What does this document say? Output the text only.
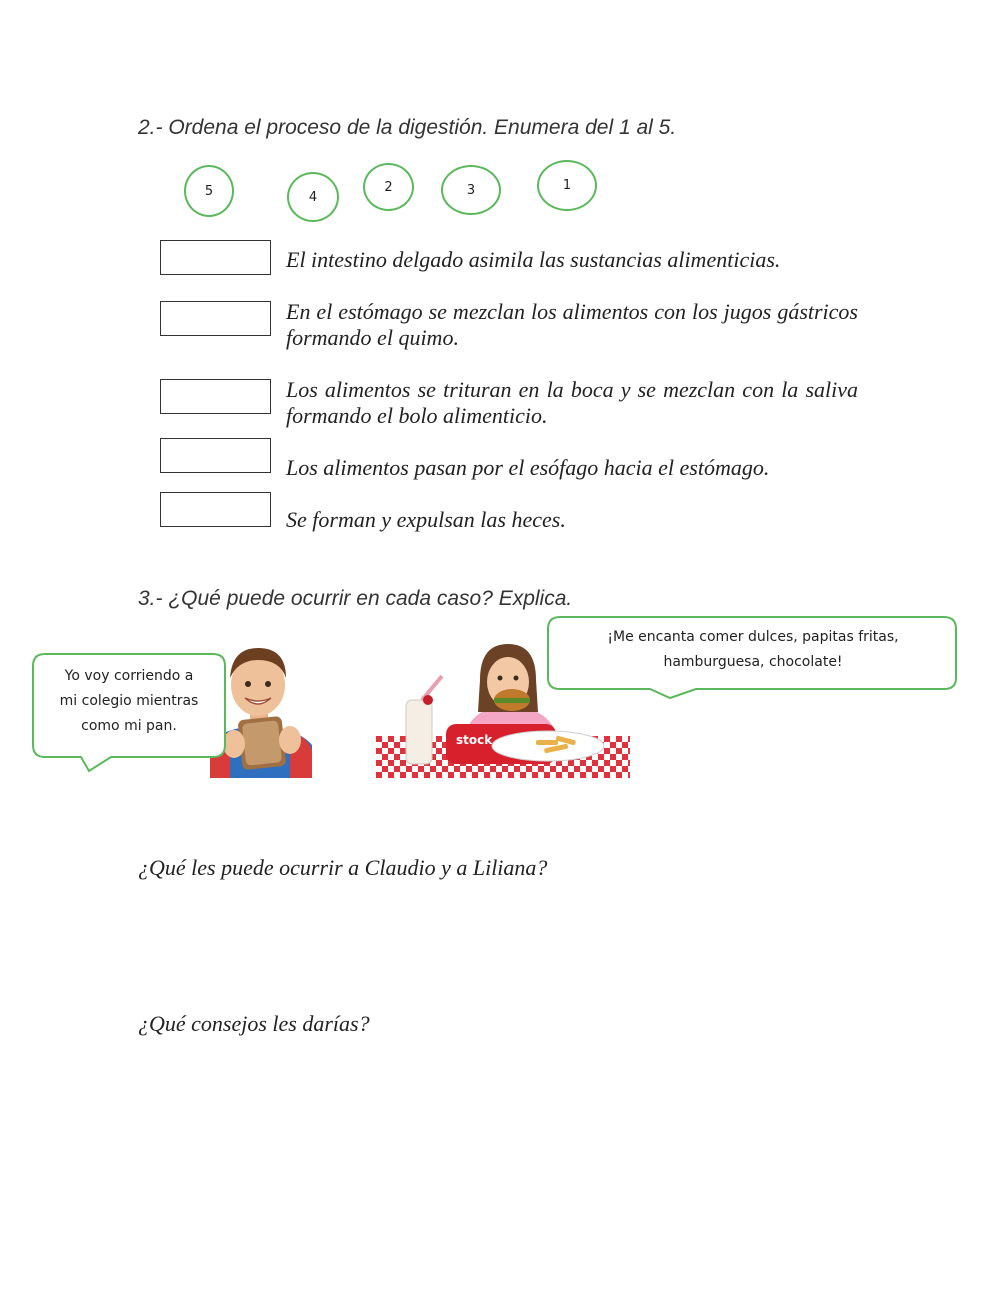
2.- Ordena el proceso de la digestión. Enumera del 1 al 5.
5	4
2	3	1
El intestino delgado asimila las sustancias alimenticias.
En el estómago se mezclan los alimentos con los jugos gástricos formando el quimo.
Los alimentos se trituran en la boca y se mezclan con la saliva formando el bolo alimenticio.
Los alimentos pasan por el esófago hacia el estómago.
Se forman y expulsan las heces.
3.- ¿Qué puede ocurrir en cada caso? Explica.
Yo voy corriendo a
mi colegio mientras
como mi pan.
stock
¡Me encanta comer dulces, papitas fritas,
hamburguesa, chocolate!
¿Qué les puede ocurrir a Claudio y a Liliana?
¿Qué consejos les darías?
